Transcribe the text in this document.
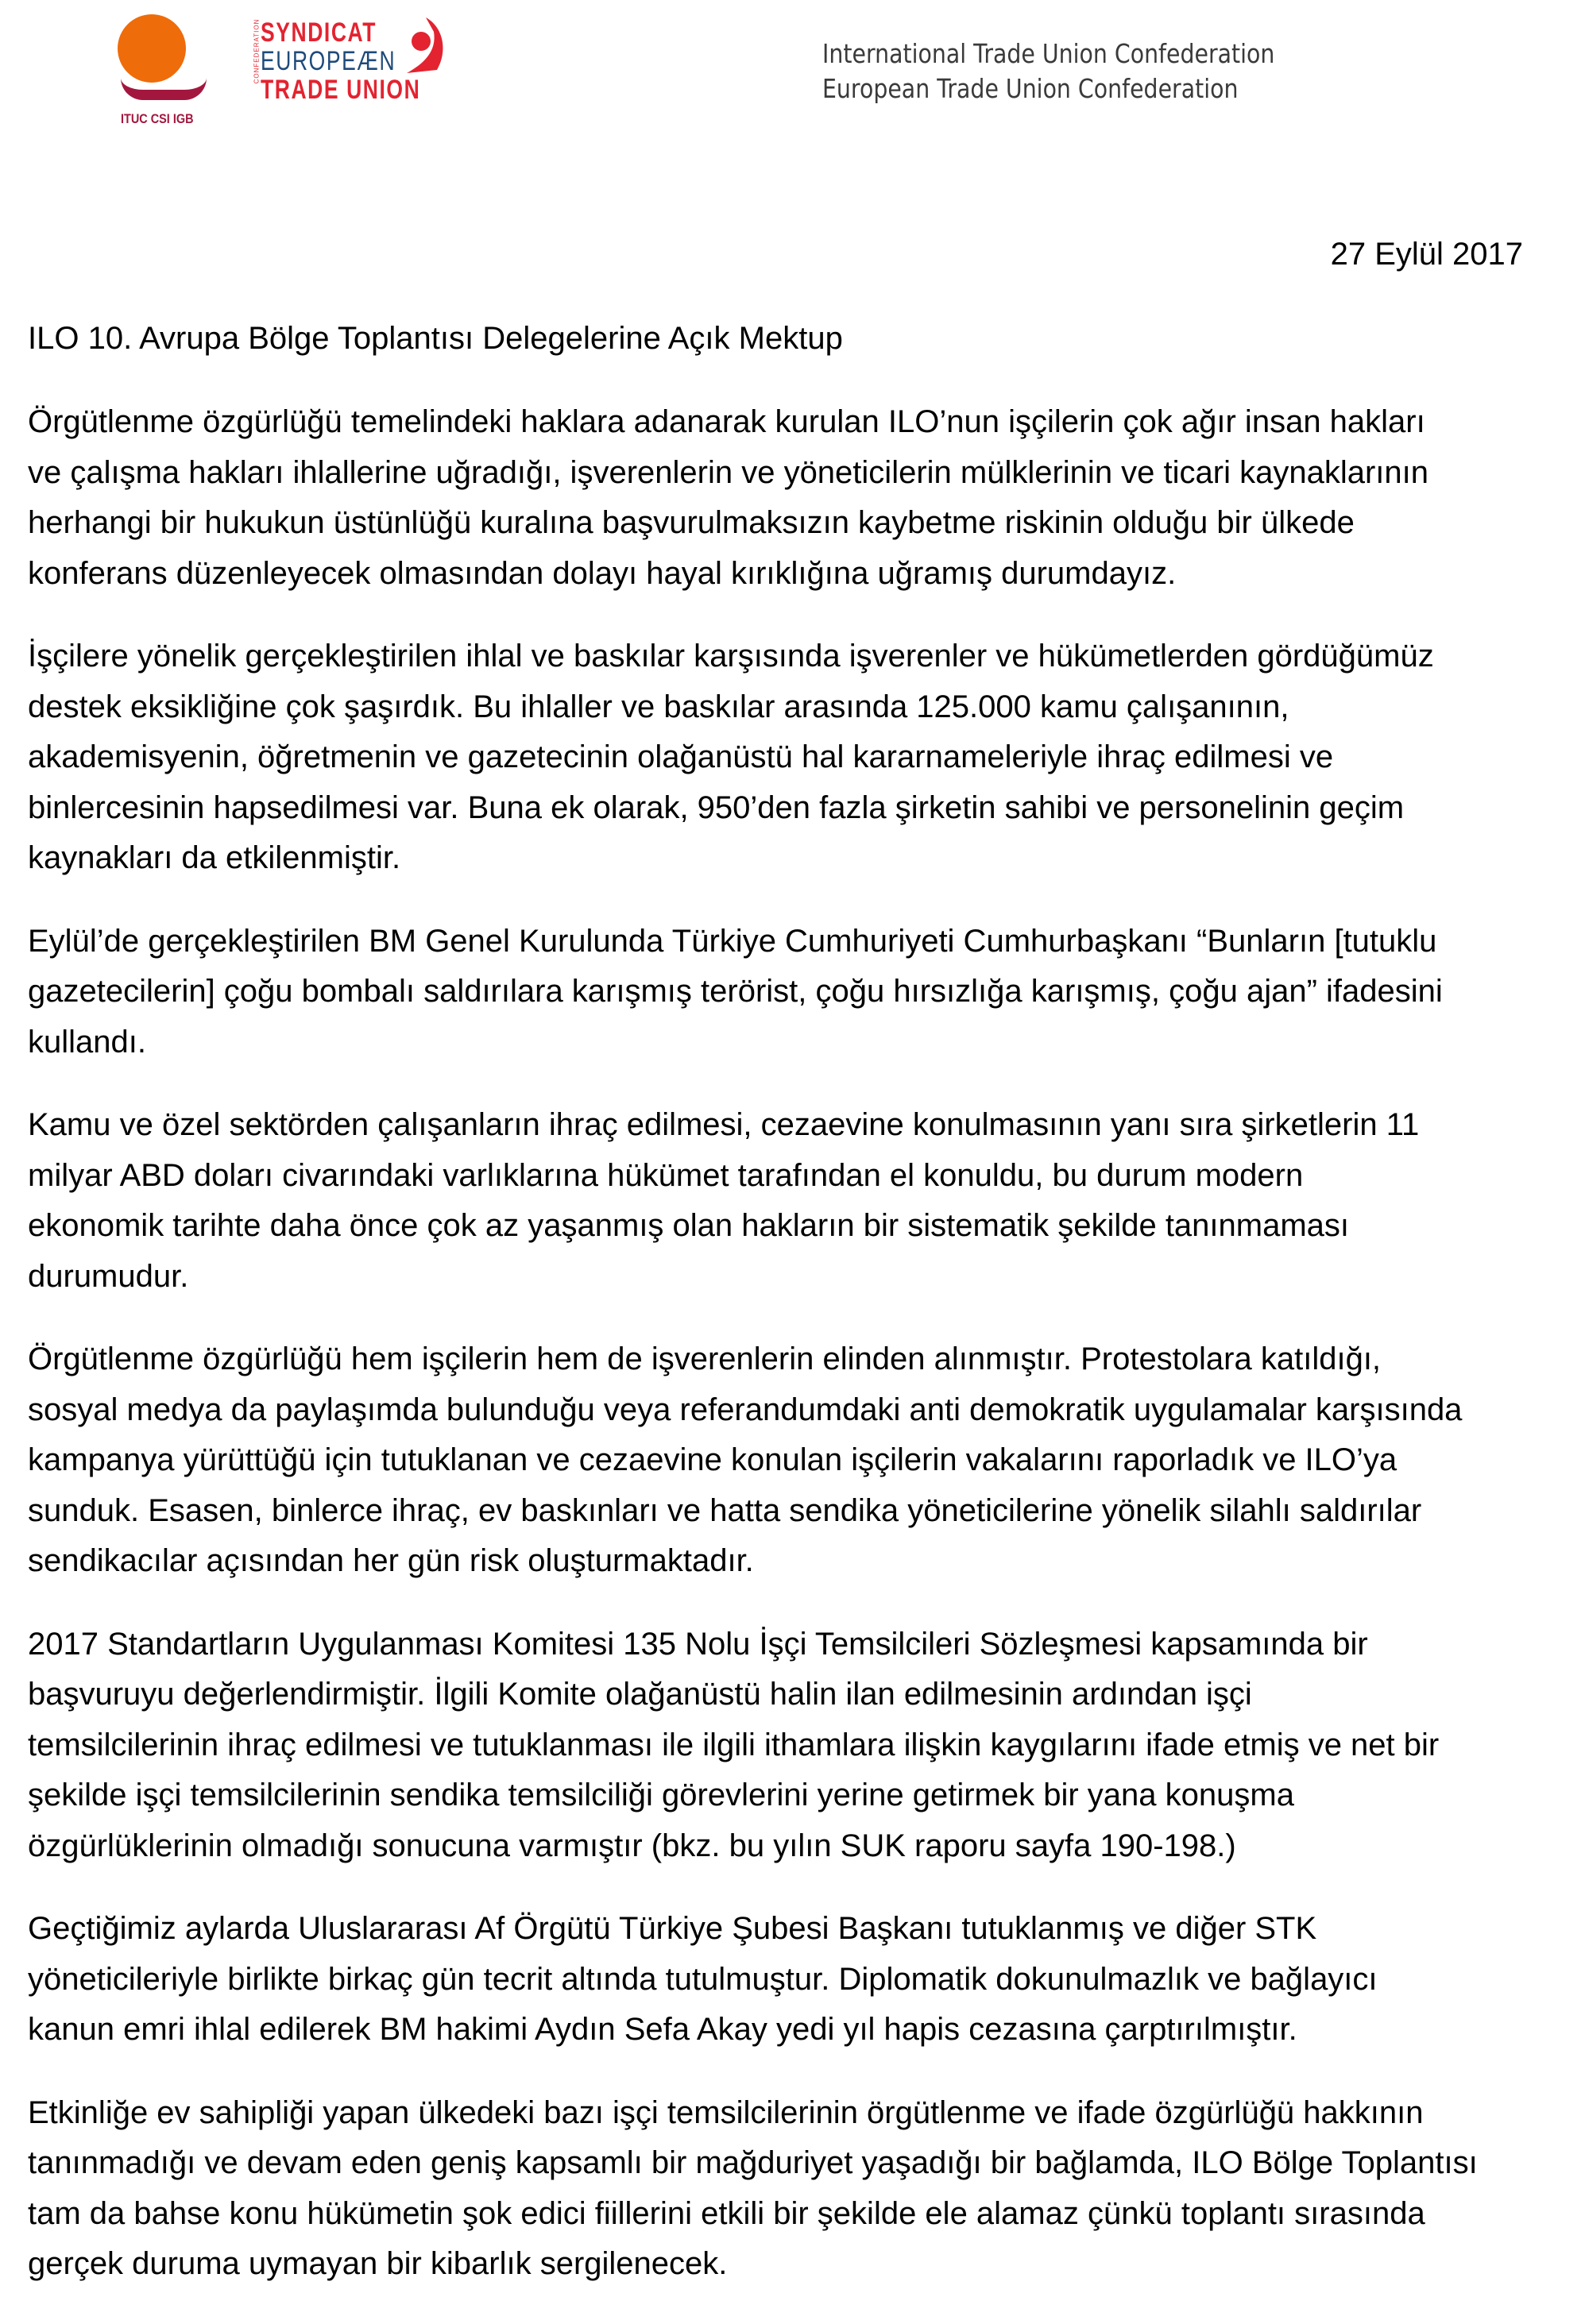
ITUC CSI IGB
CONFEDERATION SYNDICAT
EUROPEÆN
TRADE UNION
International Trade Union Confederation
European Trade Union Confederation
27 Eylül 2017
ILO 10. Avrupa Bölge Toplantısı Delegelerine Açık Mektup

Örgütlenme özgürlüğü temelindeki haklara adanarak kurulan ILO’nun işçilerin çok ağır insan hakları
ve çalışma hakları ihlallerine uğradığı, işverenlerin ve yöneticilerin mülklerinin ve ticari kaynaklarının
herhangi bir hukukun üstünlüğü kuralına başvurulmaksızın kaybetme riskinin olduğu bir ülkede
konferans düzenleyecek olmasından dolayı hayal kırıklığına uğramış durumdayız.

İşçilere yönelik gerçekleştirilen ihlal ve baskılar karşısında işverenler ve hükümetlerden gördüğümüz
destek eksikliğine çok şaşırdık. Bu ihlaller ve baskılar arasında 125.000 kamu çalışanının,
akademisyenin, öğretmenin ve gazetecinin olağanüstü hal kararnameleriyle ihraç edilmesi ve
binlercesinin hapsedilmesi var. Buna ek olarak, 950’den fazla şirketin sahibi ve personelinin geçim
kaynakları da etkilenmiştir.

Eylül’de gerçekleştirilen BM Genel Kurulunda Türkiye Cumhuriyeti Cumhurbaşkanı “Bunların [tutuklu
gazetecilerin] çoğu bombalı saldırılara karışmış terörist, çoğu hırsızlığa karışmış, çoğu ajan” ifadesini
kullandı.

Kamu ve özel sektörden çalışanların ihraç edilmesi, cezaevine konulmasının yanı sıra şirketlerin 11
milyar ABD doları civarındaki varlıklarına hükümet tarafından el konuldu, bu durum modern
ekonomik tarihte daha önce çok az yaşanmış olan hakların bir sistematik şekilde tanınmaması
durumudur.

Örgütlenme özgürlüğü hem işçilerin hem de işverenlerin elinden alınmıştır. Protestolara katıldığı,
sosyal medya da paylaşımda bulunduğu veya referandumdaki anti demokratik uygulamalar karşısında
kampanya yürüttüğü için tutuklanan ve cezaevine konulan işçilerin vakalarını raporladık ve ILO’ya
sunduk. Esasen, binlerce ihraç, ev baskınları ve hatta sendika yöneticilerine yönelik silahlı saldırılar
sendikacılar açısından her gün risk oluşturmaktadır.

2017 Standartların Uygulanması Komitesi 135 Nolu İşçi Temsilcileri Sözleşmesi kapsamında bir
başvuruyu değerlendirmiştir. İlgili Komite olağanüstü halin ilan edilmesinin ardından işçi
temsilcilerinin ihraç edilmesi ve tutuklanması ile ilgili ithamlara ilişkin kaygılarını ifade etmiş ve net bir
şekilde işçi temsilcilerinin sendika temsilciliği görevlerini yerine getirmek bir yana konuşma
özgürlüklerinin olmadığı sonucuna varmıştır (bkz. bu yılın SUK raporu sayfa 190-198.)

Geçtiğimiz aylarda Uluslararası Af Örgütü Türkiye Şubesi Başkanı tutuklanmış ve diğer STK
yöneticileriyle birlikte birkaç gün tecrit altında tutulmuştur. Diplomatik dokunulmazlık ve bağlayıcı
kanun emri ihlal edilerek BM hakimi Aydın Sefa Akay yedi yıl hapis cezasına çarptırılmıştır.

Etkinliğe ev sahipliği yapan ülkedeki bazı işçi temsilcilerinin örgütlenme ve ifade özgürlüğü hakkının
tanınmadığı ve devam eden geniş kapsamlı bir mağduriyet yaşadığı bir bağlamda, ILO Bölge Toplantısı
tam da bahse konu hükümetin şok edici fiillerini etkili bir şekilde ele alamaz çünkü toplantı sırasında
gerçek duruma uymayan bir kibarlık sergilenecek.
